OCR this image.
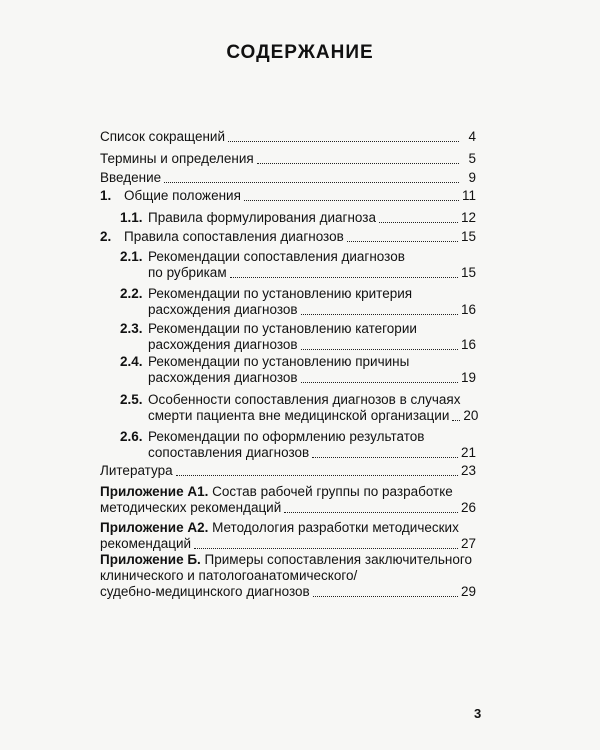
СОДЕРЖАНИЕ
Список сокращений	4
Термины и определения	5
Введение	9
1. Общие положения	11
1.1. Правила формулирования диагноза	12
2. Правила сопоставления диагнозов	15
2.1. Рекомендации сопоставления диагнозов
по рубрикам	15
2.2. Рекомендации по установлению критерия
расхождения диагнозов	16
2.3. Рекомендации по установлению категории
расхождения диагнозов	16
2.4. Рекомендации по установлению причины
расхождения диагнозов	19
2.5. Особенности сопоставления диагнозов в случаях
смерти пациента вне медицинской организации 20
2.6. Рекомендации по оформлению результатов
сопоставления диагнозов	21
Литература	23
Приложение А1. Состав рабочей группы по разработке
методических рекомендаций	26
Приложение А2. Методология разработки методических
рекомендаций	27
Приложение Б. Примеры сопоставления заключительного
клинического и патологоанатомического/
судебно-медицинского диагнозов	29
3
